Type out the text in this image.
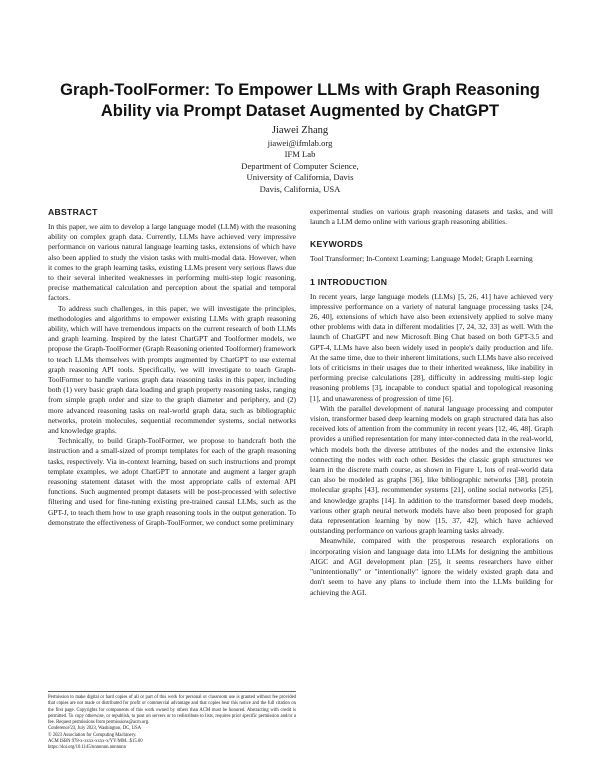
Graph-ToolFormer: To Empower LLMs with Graph Reasoning Ability via Prompt Dataset Augmented by ChatGPT
Jiawei Zhang
jiawei@ifmlab.org
IFM Lab
Department of Computer Science,
University of California, Davis
Davis, California, USA
ABSTRACT

In this paper, we aim to develop a large language model (LLM) with the reasoning ability on complex graph data. Currently, LLMs have achieved very impressive performance on various natural language learning tasks, extensions of which have also been applied to study the vision tasks with multi-modal data. However, when it comes to the graph learning tasks, existing LLMs present very serious flaws due to their several inherited weaknesses in performing multi-step logic reasoning, precise mathematical calculation and perception about the spatial and temporal factors.

To address such challenges, in this paper, we will investigate the principles, methodologies and algorithms to empower existing LLMs with graph reasoning ability, which will have tremendous impacts on the current research of both LLMs and graph learning. Inspired by the latest ChatGPT and Toolformer models, we propose the Graph-ToolFormer (Graph Reasoning oriented Toolformer) framework to teach LLMs themselves with prompts augmented by ChatGPT to use external graph reasoning API tools. Specifically, we will investigate to teach Graph-ToolFormer to handle various graph data reasoning tasks in this paper, including both (1) very basic graph data loading and graph property reasoning tasks, ranging from simple graph order and size to the graph diameter and periphery, and (2) more advanced reasoning tasks on real-world graph data, such as bibliographic networks, protein molecules, sequential recommender systems, social networks and knowledge graphs.

Technically, to build Graph-ToolFormer, we propose to handcraft both the instruction and a small-sized of prompt templates for each of the graph reasoning tasks, respectively. Via in-context learning, based on such instructions and prompt template examples, we adopt ChatGPT to annotate and augment a larger graph reasoning statement dataset with the most appropriate calls of external API functions. Such augmented prompt datasets will be post-processed with selective filtering and used for fine-tuning existing pre-trained causal LLMs, such as the GPT-J, to teach them how to use graph reasoning tools in the output generation. To demonstrate the effectiveness of Graph-ToolFormer, we conduct some preliminary

Permission to make digital or hard copies of all or part of this work for personal or classroom use is granted without fee provided that copies are not made or distributed for profit or commercial advantage and that copies bear this notice and the full citation on the first page. Copyrights for components of this work owned by others than ACM must be honored. Abstracting with credit is permitted. To copy otherwise, or republish, to post on servers or to redistribute to lists, requires prior specific permission and/or a fee. Request permissions from permissions@acm.org.

Conference'23, July 2023, Washington, DC, USA

© 2023 Association for Computing Machinery.

ACM ISBN 978-x-xxxx-xxxx-x/YY/MM...$15.00

https://doi.org/10.1145/nnnnnnn.nnnnnnn

experimental studies on various graph reasoning datasets and tasks, and will launch a LLM demo online with various graph reasoning abilities.

KEYWORDS

Tool Transformer; In-Context Learning; Language Model; Graph Learning

1 INTRODUCTION

In recent years, large language models (LLMs) [5, 26, 41] have achieved very impressive performance on a variety of natural language processing tasks [24, 26, 40], extensions of which have also been extensively applied to solve many other problems with data in different modalities [7, 24, 32, 33] as well. With the launch of ChatGPT and new Microsoft Bing Chat based on both GPT-3.5 and GPT-4, LLMs have also been widely used in people's daily production and life. At the same time, due to their inherent limitations, such LLMs have also received lots of criticisms in their usages due to their inherited weakness, like inability in performing precise calculations [28], difficulty in addressing multi-step logic reasoning problems [3], incapable to conduct spatial and topological reasoning [1], and unawareness of progression of time [6].

With the parallel development of natural language processing and computer vision, transformer based deep learning models on graph structured data has also received lots of attention from the community in recent years [12, 46, 48]. Graph provides a unified representation for many inter-connected data in the real-world, which models both the diverse attributes of the nodes and the extensive links connecting the nodes with each other. Besides the classic graph structures we learn in the discrete math course, as shown in Figure 1, lots of real-world data can also be modeled as graphs [36], like bibliographic networks [38], protein molecular graphs [43], recommender systems [21], online social networks [25], and knowledge graphs [14]. In addition to the transformer based deep models, various other graph neural network models have also been proposed for graph data representation learning by now [15, 37, 42], which have achieved outstanding performance on various graph learning tasks already.

Meanwhile, compared with the prosperous research explorations on incorporating vision and language data into LLMs for designing the ambitious AIGC and AGI development plan [25], it seems researchers have either "unintentionally" or "intentionally" ignore the widely existed graph data and don't seem to have any plans to include them into the LLMs building for achieving the AGI.
